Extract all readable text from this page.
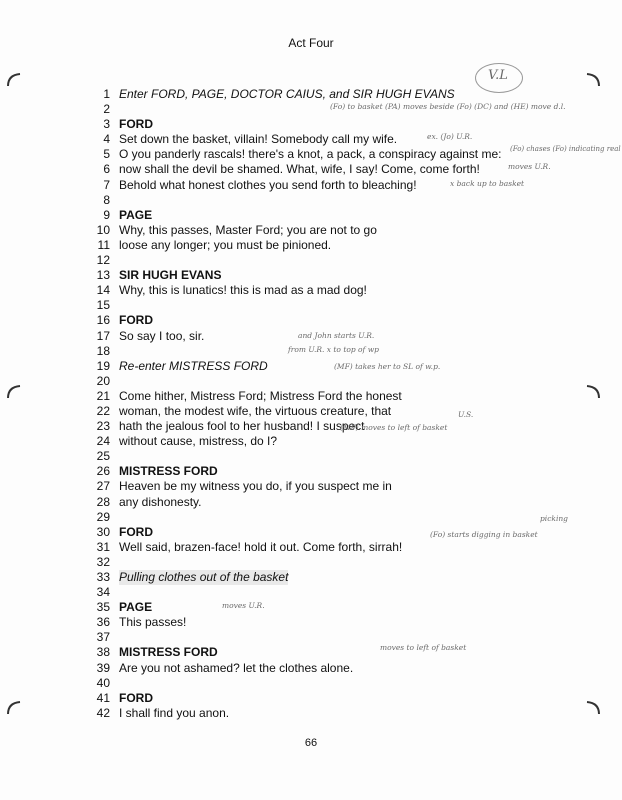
Act Four
1 Enter FORD, PAGE, DOCTOR CAIUS, and SIR HUGH EVANS
2
3 FORD
4 Set down the basket, villain! Somebody call my wife.
5 O you panderly rascals! there's a knot, a pack, a conspiracy against me:
6 now shall the devil be shamed. What, wife, I say! Come, come forth!
7 Behold what honest clothes you send forth to bleaching!
8
9 PAGE
10 Why, this passes, Master Ford; you are not to go
11 loose any longer; you must be pinioned.
12
13 SIR HUGH EVANS
14 Why, this is lunatics! this is mad as a mad dog!
15
16 FORD
17 So say I too, sir.
18
19 Re-enter MISTRESS FORD
20
21 Come hither, Mistress Ford; Mistress Ford the honest
22 woman, the modest wife, the virtuous creature, that
23 hath the jealous fool to her husband! I suspect
24 without cause, mistress, do I?
25
26 MISTRESS FORD
27 Heaven be my witness you do, if you suspect me in
28 any dishonesty.
29
30 FORD
31 Well said, brazen-face! hold it out. Come forth, sirrah!
32
33 Pulling clothes out of the basket
34
35 PAGE
36 This passes!
37
38 MISTRESS FORD
39 Are you not ashamed? let the clothes alone.
40
41 FORD
42 I shall find you anon.
V.L
(Fo) to basket (PA) moves beside (Fo) (DC) and (HE) move d.l.
ex. (Jo) U.R.
(Fo) chases (Fo) indicating real
moves U.R.
x back up to basket
and John starts U.R.
from U.R. x to top of wp
(MF) takes her to SL of w.p.
U.S.
(MF) moves to left of basket
picking
(Fo) starts digging in basket
moves U.R.
moves to left of basket
66
